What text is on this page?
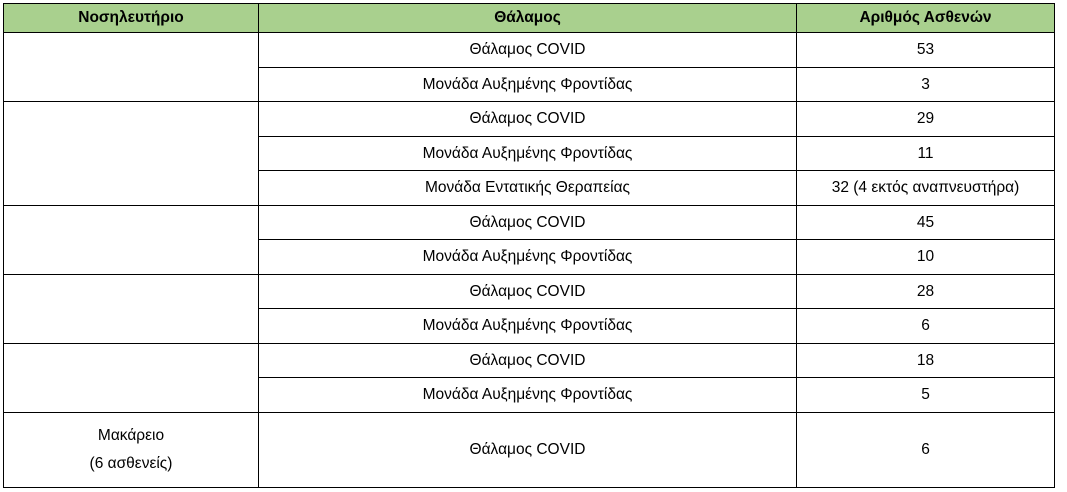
Νοσηλευτήριο	Θάλαμος	Αριθμός Ασθενών
	Θάλαμος COVID	53
	Μονάδα Αυξημένης Φροντίδας	3
	Θάλαμος COVID	29
	Μονάδα Αυξημένης Φροντίδας	11
	Μονάδα Εντατικής Θεραπείας	32 (4 εκτός αναπνευστήρα)
	Θάλαμος COVID	45
	Μονάδα Αυξημένης Φροντίδας	10
	Θάλαμος COVID	28
	Μονάδα Αυξημένης Φροντίδας	6
	Θάλαμος COVID	18
	Μονάδα Αυξημένης Φροντίδας	5

Μακάρειο
(6 ασθενείς)	Θάλαμος COVID	6
